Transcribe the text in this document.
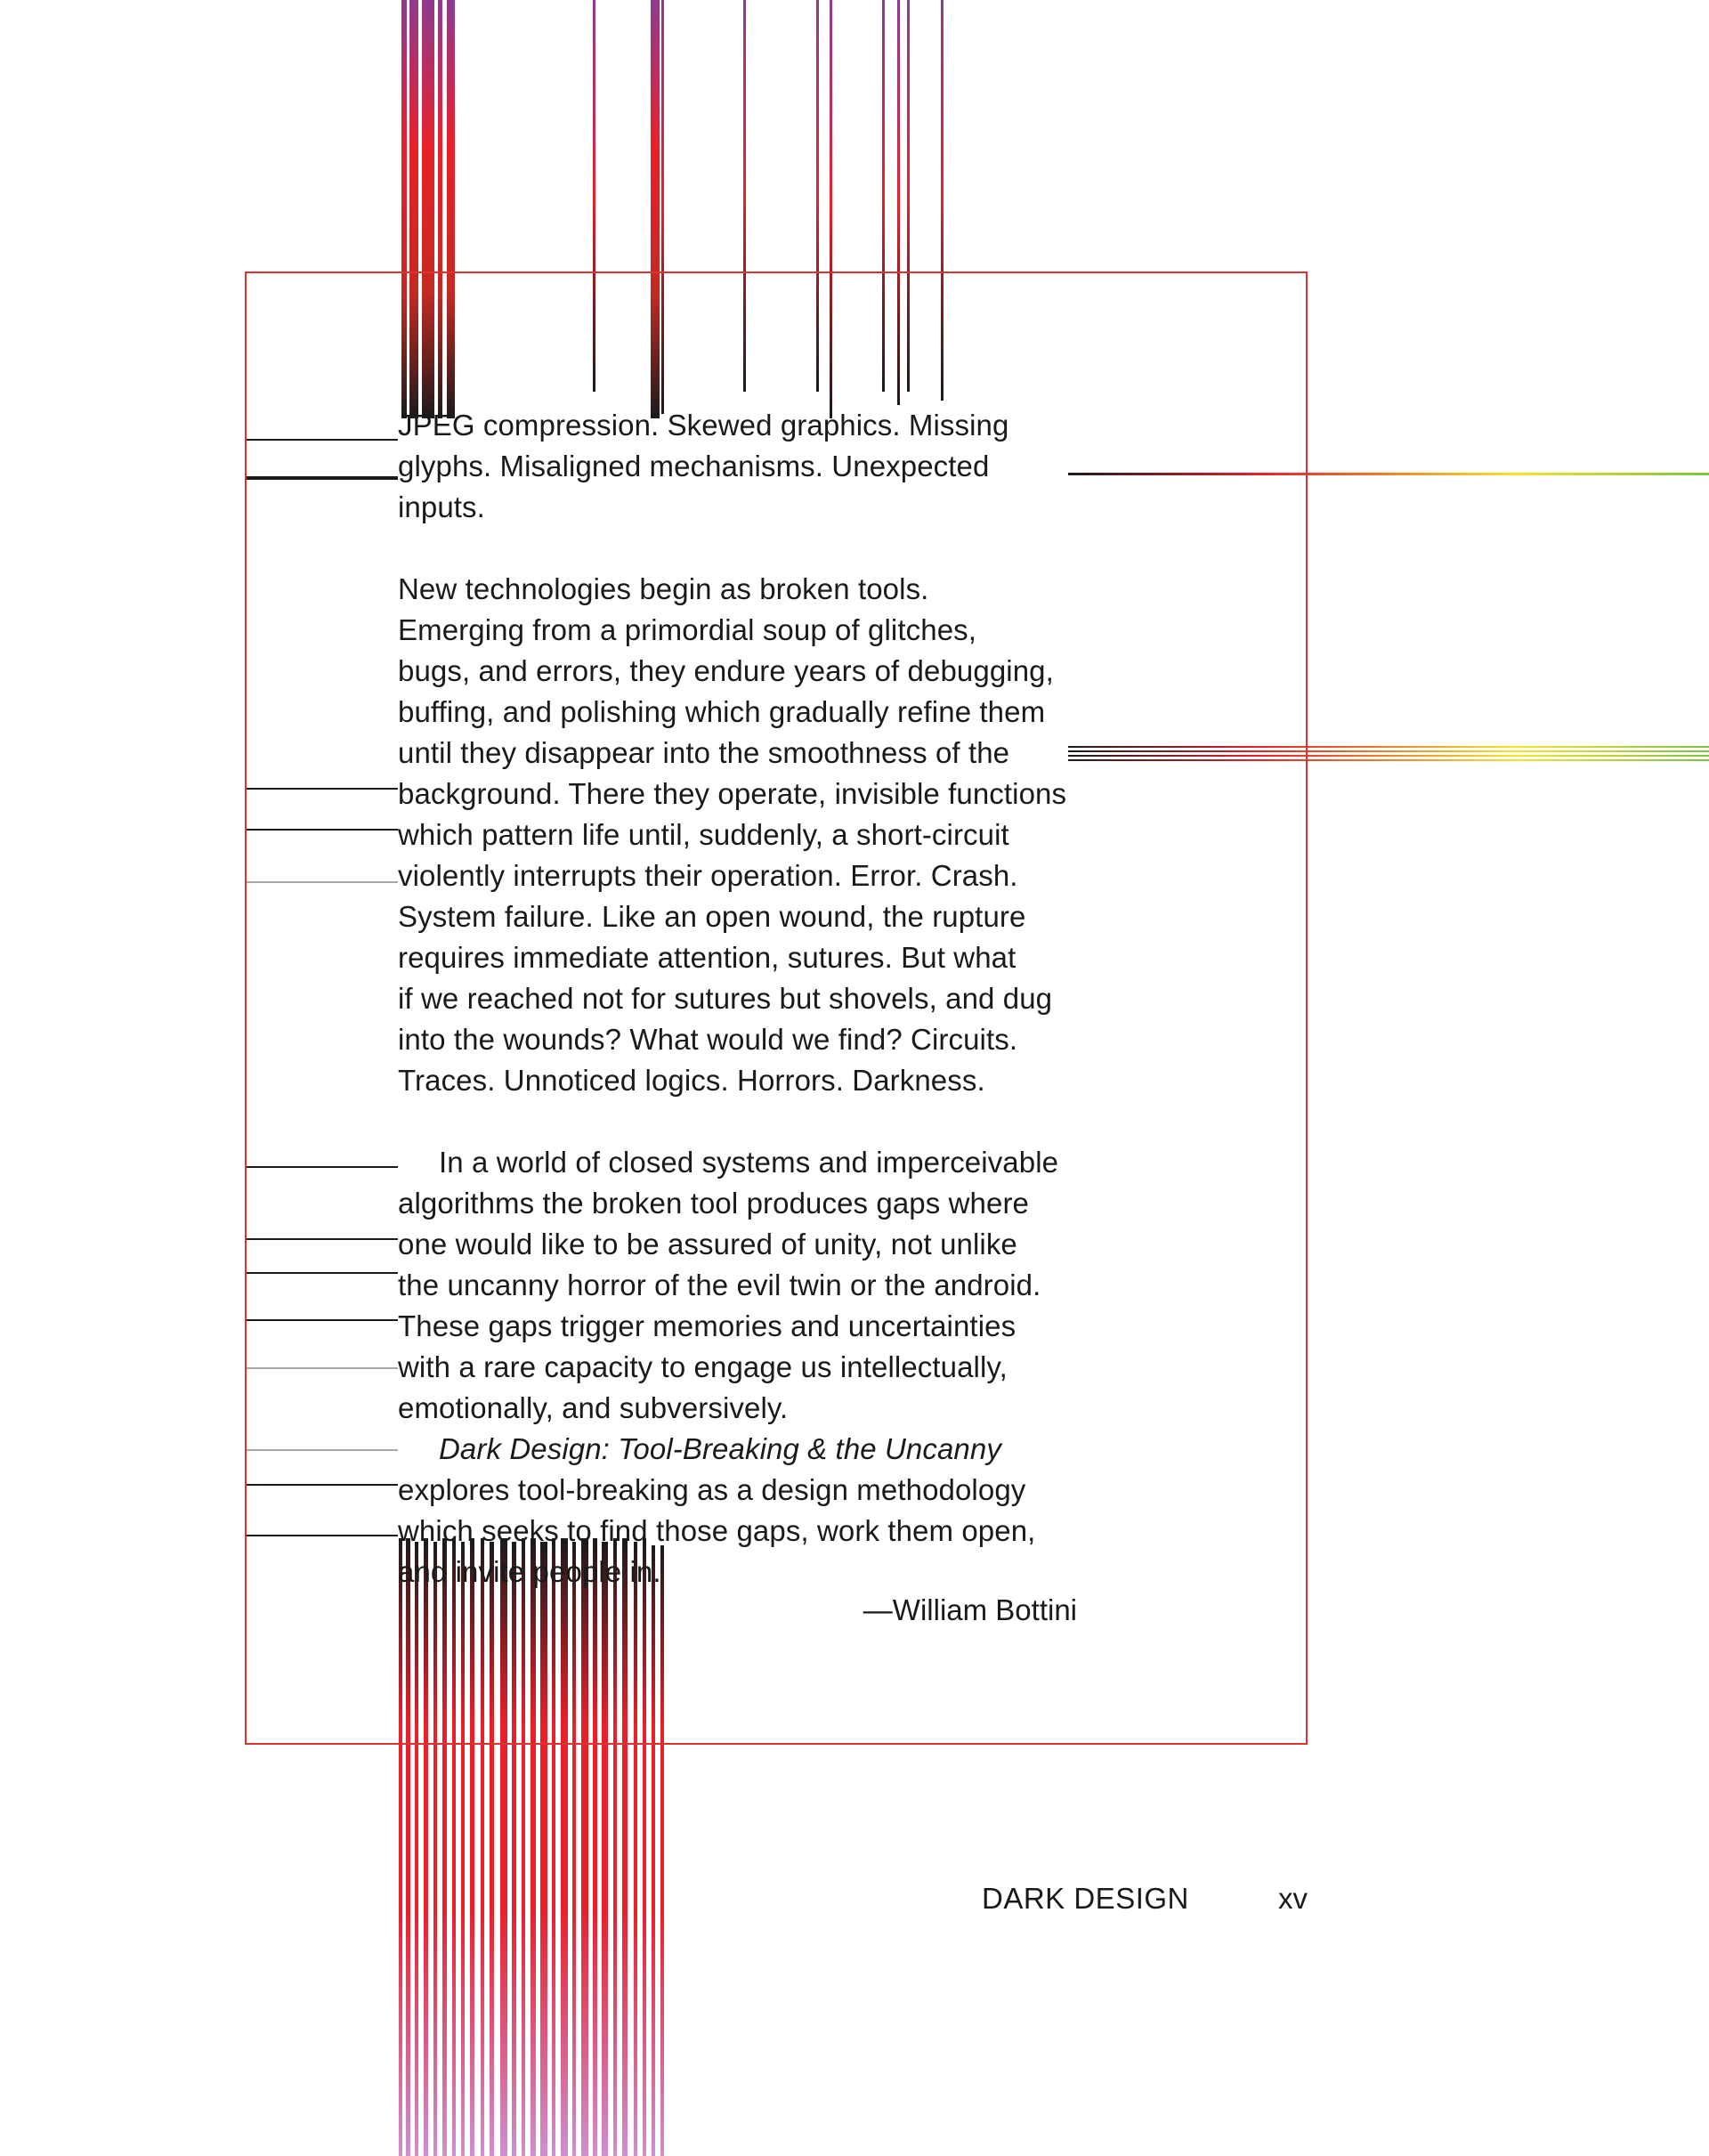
JPEG compression. Skewed graphics. Missing

glyphs. Misaligned mechanisms. Unexpected inputs.

New technologies begin as broken tools.

Emerging from a primordial soup of glitches,

bugs, and errors, they endure years of debugging,

buffing, and polishing which gradually refine them

until they disappear into the smoothness of the

background. There they operate, invisible functions

which pattern life until, suddenly, a short-circuit

violently interrupts their operation. Error. Crash.

System failure. Like an open wound, the rupture

requires immediate attention, sutures. But what

if we reached not for sutures but shovels, and dug

into the wounds? What would we find? Circuits.

Traces. Unnoticed logics. Horrors. Darkness.

In a world of closed systems and imperceivable

algorithms the broken tool produces gaps where

one would like to be assured of unity, not unlike

the uncanny horror of the evil twin or the android.

These gaps trigger memories and uncertainties

with a rare capacity to engage us intellectually,

emotionally, and subversively.

Dark Design: Tool-Breaking & the Uncanny

explores tool-breaking as a design methodology

which seeks to find those gaps, work them open,

and invite people in.

—William Bottini
DARK DESIGN	xv
